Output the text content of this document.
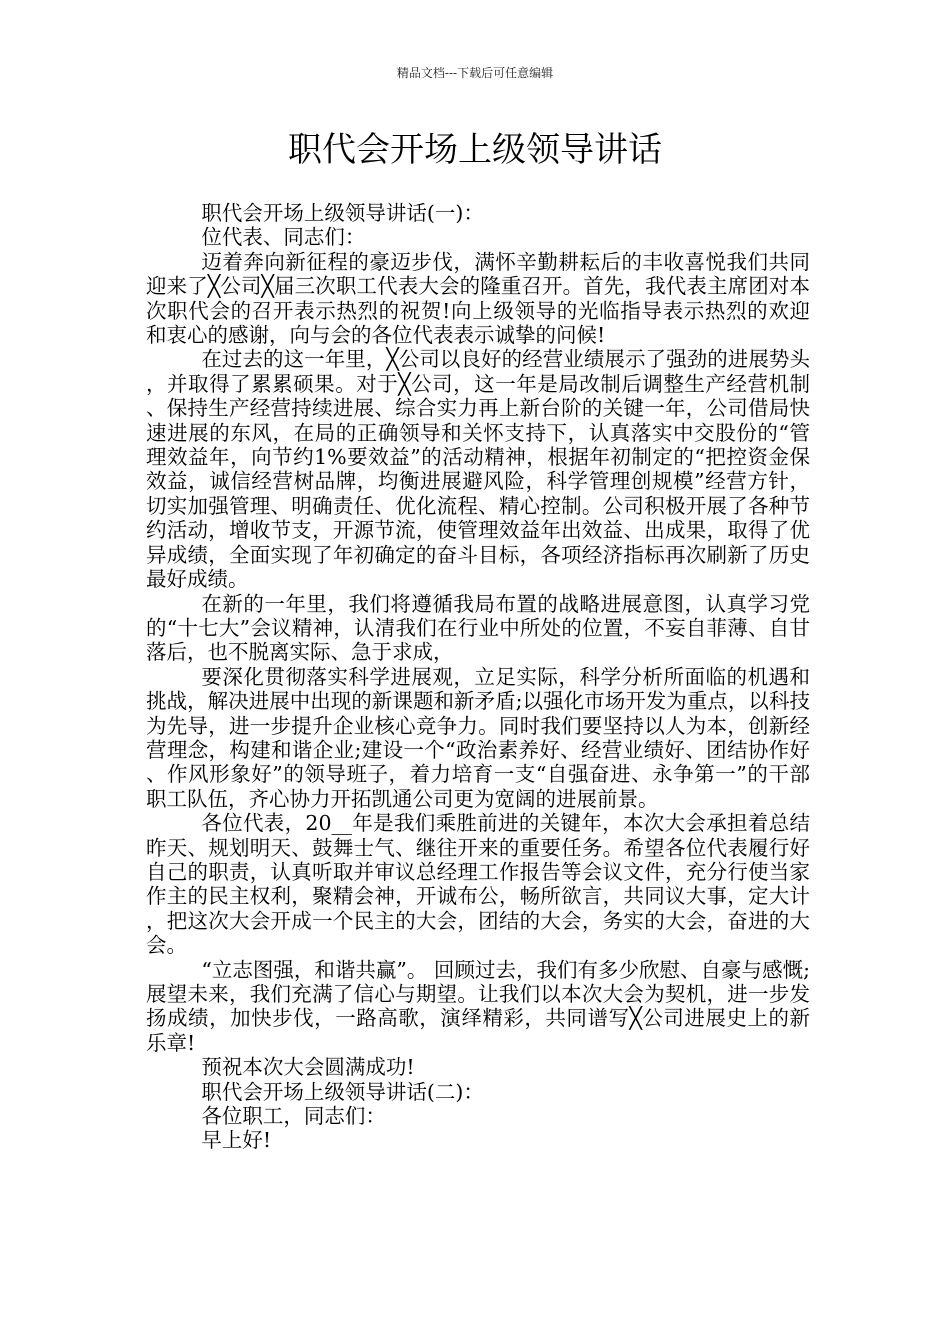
精品文档---下载后可任意编辑
职代会开场上级领导讲话

职代会开场上级领导讲话(一)：

位代表、同志们：

迈着奔向新征程的豪迈步伐，满怀辛勤耕耘后的丰收喜悦我们共同迎来了╳公司╳届三次职工代表大会的隆重召开。首先，我代表主席团对本次职代会的召开表示热烈的祝贺!向上级领导的光临指导表示热烈的欢迎和衷心的感谢，向与会的各位代表表示诚挚的问候!

在过去的这一年里，╳公司以良好的经营业绩展示了强劲的进展势头，并取得了累累硕果。对于╳公司，这一年是局改制后调整生产经营机制、保持生产经营持续进展、综合实力再上新台阶的关键一年，公司借局快速进展的东风，在局的正确领导和关怀支持下，认真落实中交股份的“管理效益年，向节约1%要效益”的活动精神，根据年初制定的“把控资金保效益，诚信经营树品牌，均衡进展避风险，科学管理创规模”经营方针，切实加强管理、明确责任、优化流程、精心控制。公司积极开展了各种节约活动，增收节支，开源节流，使管理效益年出效益、出成果，取得了优异成绩，全面实现了年初确定的奋斗目标，各项经济指标再次刷新了历史最好成绩。

在新的一年里，我们将遵循我局布置的战略进展意图，认真学习党的“十七大”会议精神，认清我们在行业中所处的位置，不妄自菲薄、自甘落后，也不脱离实际、急于求成，

要深化贯彻落实科学进展观，立足实际，科学分析所面临的机遇和挑战，解决进展中出现的新课题和新矛盾;以强化市场开发为重点，以科技为先导，进一步提升企业核心竞争力。同时我们要坚持以人为本，创新经营理念，构建和谐企业;建设一个“政治素养好、经营业绩好、团结协作好、作风形象好”的领导班子，着力培育一支“自强奋进、永争第一”的干部职工队伍，齐心协力开拓凯通公司更为宽阔的进展前景。

各位代表，20__年是我们乘胜前进的关键年，本次大会承担着总结昨天、规划明天、鼓舞士气、继往开来的重要任务。希望各位代表履行好自己的职责，认真听取并审议总经理工作报告等会议文件，充分行使当家作主的民主权利，聚精会神，开诚布公，畅所欲言，共同议大事，定大计，把这次大会开成一个民主的大会，团结的大会，务实的大会，奋进的大会。

“立志图强，和谐共赢”。 回顾过去，我们有多少欣慰、自豪与感慨;展望未来，我们充满了信心与期望。让我们以本次大会为契机，进一步发扬成绩，加快步伐，一路高歌，演绎精彩，共同谱写╳公司进展史上的新乐章!

预祝本次大会圆满成功!

职代会开场上级领导讲话(二)：

各位职工，同志们：

早上好!
